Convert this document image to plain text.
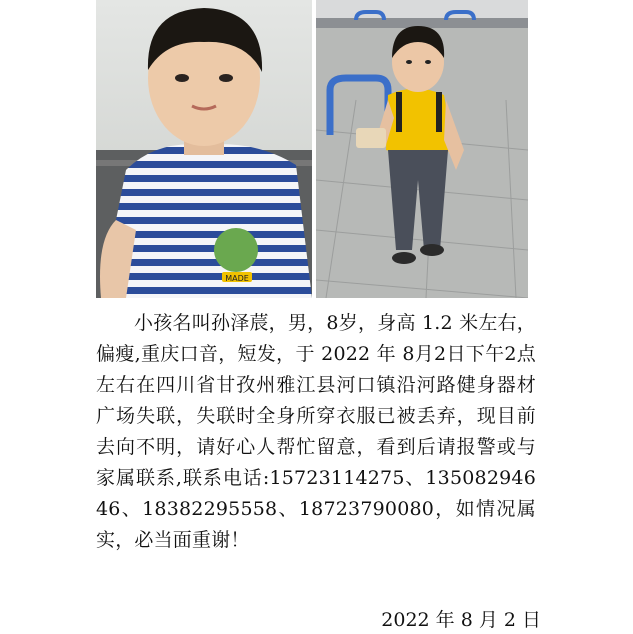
MADE

小孩名叫孙泽莀，男，8岁，身高 1.2 米左右，偏瘦,重庆口音，短发，于 2022 年 8月2日下午2点左右在四川省甘孜州雅江县河口镇沿河路健身器材广场失联，失联时全身所穿衣服已被丢弃，现目前去向不明，请好心人帮忙留意，看到后请报警或与家属联系,联系电话:15723114275、13508294646、18382295558、18723790080，如情况属实，必当面重谢！

2022 年 8 月 2 日
